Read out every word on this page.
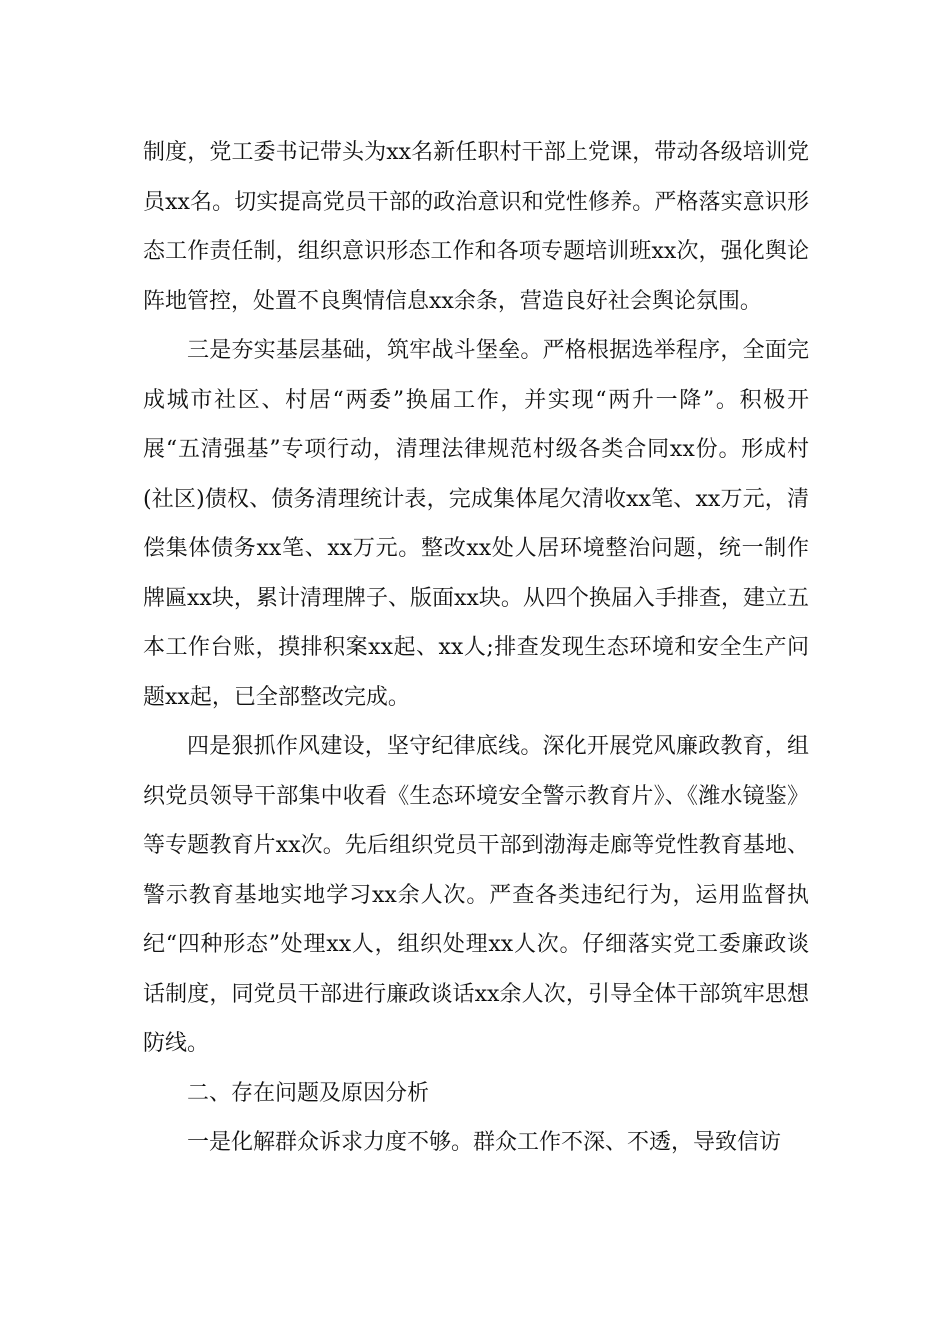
制度，党工委书记带头为xx名新任职村干部上党课，带动各级培训党员xx名。切实提高党员干部的政治意识和党性修养。严格落实意识形态工作责任制，组织意识形态工作和各项专题培训班xx次，强化舆论阵地管控，处置不良舆情信息xx余条，营造良好社会舆论氛围。

三是夯实基层基础，筑牢战斗堡垒。严格根据选举程序，全面完成城市社区、村居“两委”换届工作，并实现“两升一降”。积极开展“五清强基”专项行动，清理法律规范村级各类合同xx份。形成村(社区)债权、债务清理统计表，完成集体尾欠清收xx笔、xx万元，清偿集体债务xx笔、xx万元。整改xx处人居环境整治问题，统一制作牌匾xx块，累计清理牌子、版面xx块。从四个换届入手排查，建立五本工作台账，摸排积案xx起、xx人;排查发现生态环境和安全生产问题xx起，已全部整改完成。

四是狠抓作风建设，坚守纪律底线。深化开展党风廉政教育，组织党员领导干部集中收看《生态环境安全警示教育片》、《潍水镜鉴》等专题教育片xx次。先后组织党员干部到渤海走廊等党性教育基地、警示教育基地实地学习xx余人次。严查各类违纪行为，运用监督执纪“四种形态”处理xx人，组织处理xx人次。仔细落实党工委廉政谈话制度，同党员干部进行廉政谈话xx余人次，引导全体干部筑牢思想防线。

二、存在问题及原因分析

一是化解群众诉求力度不够。群众工作不深、不透，导致信访
